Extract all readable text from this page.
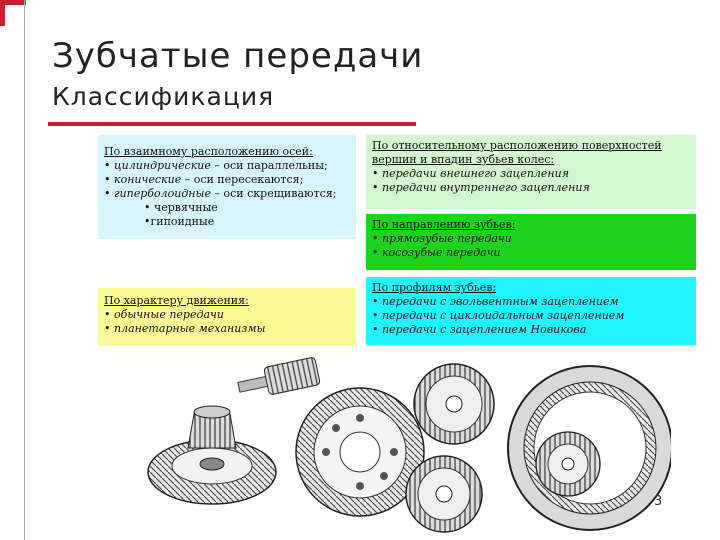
Зубчатые передачи
Классификация
По взаимному расположению осей:
• цилиндрические – оси параллельны;
• конические – оси пересекаются;
• гиперболоидные – оси скрещиваются;
• червячные
•гипоидные
По относительному расположению поверхностей вершин и впадин зубьев колес:
• передачи внешнего зацепления
• передачи внутреннего зацепления
По направлению зубьев:
• прямозубые передачи
• косозубые передачи
По характеру движения:
• обычные передачи
• планетарные механизмы
По профилям зубьев:
• передачи с эвольвентным зацеплением
• передачи с циклоидальным зацеплением
• передачи с зацеплением Новикова
3
